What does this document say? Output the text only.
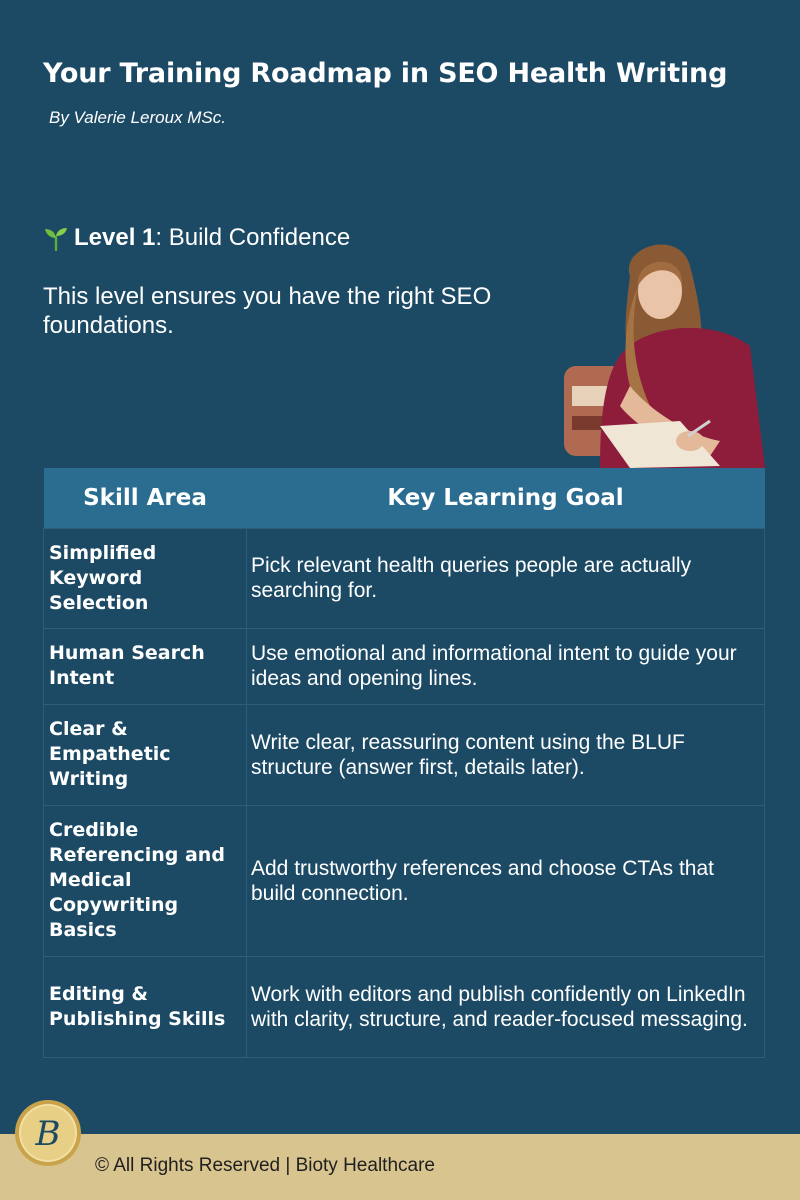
Your Training Roadmap in SEO Health Writing
By Valerie Leroux MSc.
Level 1 : Build Confidence
This level ensures you have the right SEO foundations.
Skill Area	Key Learning Goal
Simplified Keyword Selection	Pick relevant health queries people are actually searching for.
Human Search Intent	Use emotional and informational intent to guide your ideas and opening lines.
Clear & Empathetic Writing	Write clear, reassuring content using the BLUF structure (answer first, details later).
Credible Referencing and Medical Copywriting Basics	Add trustworthy references and choose CTAs that build connection.
Editing & Publishing Skills	Work with editors and publish confidently on LinkedIn with clarity, structure, and reader-focused messaging.
© All Rights Reserved | Bioty Healthcare
B
